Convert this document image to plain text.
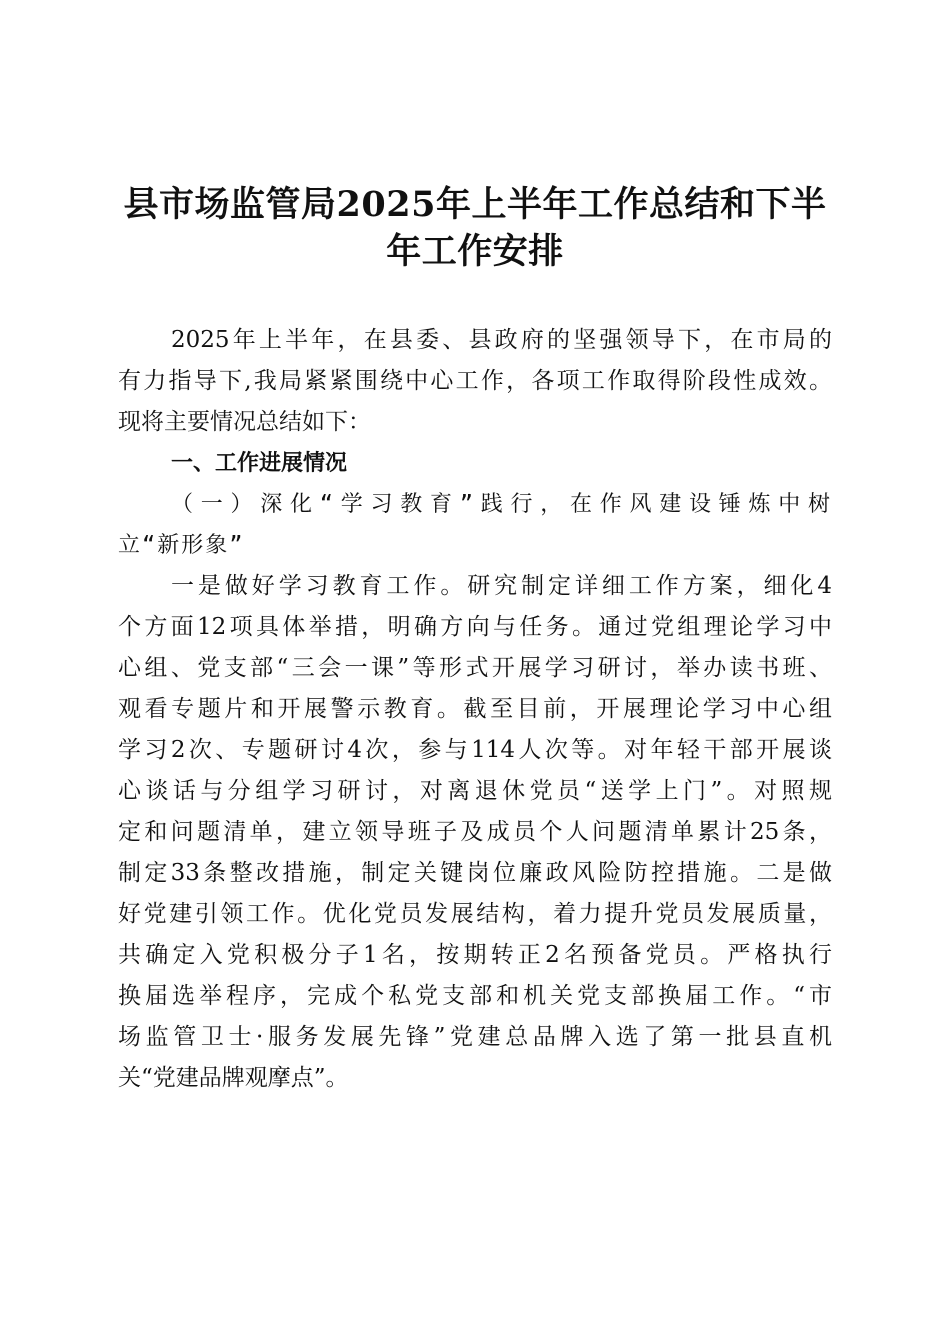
县市场监管局2025年上半年工作总结和下半
年工作安排
2025年上半年，在县委、县政府的坚强领导下，在市局的
有力指导下,我局紧紧围绕中心工作，各项工作取得阶段性成效。
现将主要情况总结如下：
一、工作进展情况
（一）深化“学习教育”践行，在作风建设锤炼中树
立“新形象”
一是做好学习教育工作。研究制定详细工作方案，细化4
个方面12项具体举措，明确方向与任务。通过党组理论学习中
心组、党支部“三会一课”等形式开展学习研讨，举办读书班、
观看专题片和开展警示教育。截至目前，开展理论学习中心组
学习2次、专题研讨4次，参与114人次等。对年轻干部开展谈
心谈话与分组学习研讨，对离退休党员“送学上门”。对照规
定和问题清单，建立领导班子及成员个人问题清单累计25条，
制定33条整改措施，制定关键岗位廉政风险防控措施。二是做
好党建引领工作。优化党员发展结构，着力提升党员发展质量，
共确定入党积极分子1名，按期转正2名预备党员。严格执行
换届选举程序，完成个私党支部和机关党支部换届工作。“市
场监管卫士·服务发展先锋”党建总品牌入选了第一批县直机
关“党建品牌观摩点”。
